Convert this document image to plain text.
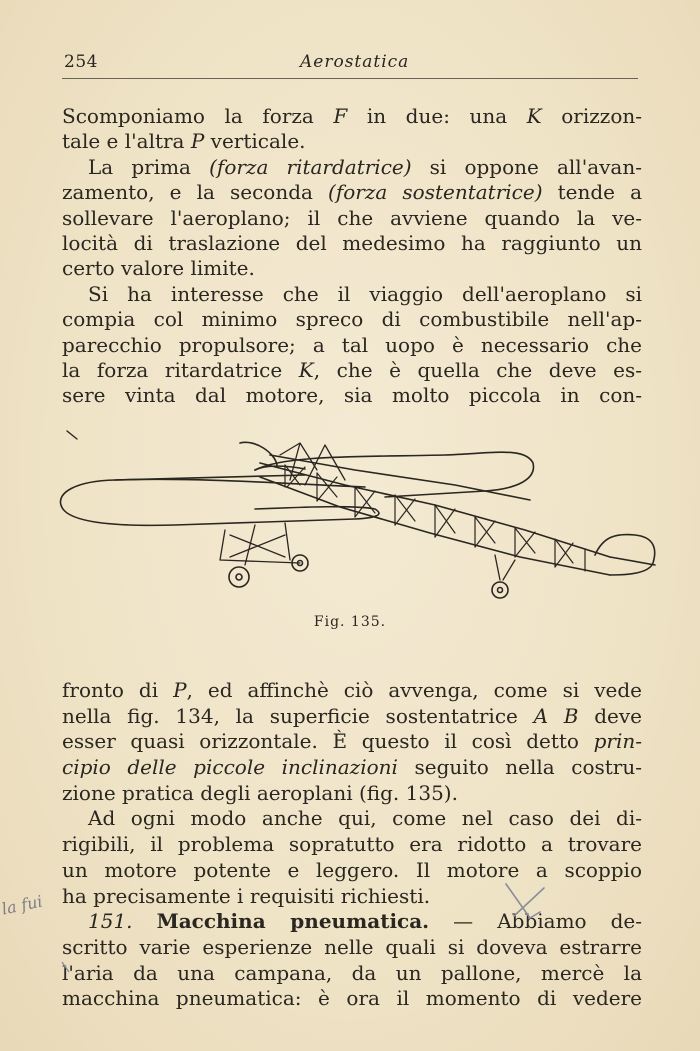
254	Aerostatica
Scomponiamo la forza F in due: una K orizzon-
tale e l'altra P verticale.
La prima (forza ritardatrice) si oppone all'avan-
zamento, e la seconda (forza sostentatrice) tende a
sollevare l'aeroplano; il che avviene quando la ve-
locità di traslazione del medesimo ha raggiunto un
certo valore limite.
Si ha interesse che il viaggio dell'aeroplano si
compia col minimo spreco di combustibile nell'ap-
parecchio propulsore; a tal uopo è necessario che
la forza ritardatrice K, che è quella che deve es-
sere vinta dal motore, sia molto piccola in con-
Fig. 135.
fronto di P, ed affinchè ciò avvenga, come si vede
nella fig. 134, la superficie sostentatrice A B deve
esser quasi orizzontale. È questo il così detto prin-
cipio delle piccole inclinazioni seguito nella costru-
zione pratica degli aeroplani (fig. 135).
Ad ogni modo anche qui, come nel caso dei di-
rigibili, il problema sopratutto era ridotto a trovare
un motore potente e leggero. Il motore a scoppio
ha precisamente i requisiti richiesti.
151. Macchina pneumatica. — Abbiamo de-
scritto varie esperienze nelle quali si doveva estrarre
l'aria da una campana, da un pallone, mercè la
macchina pneumatica: è ora il momento di vedere
la fui
